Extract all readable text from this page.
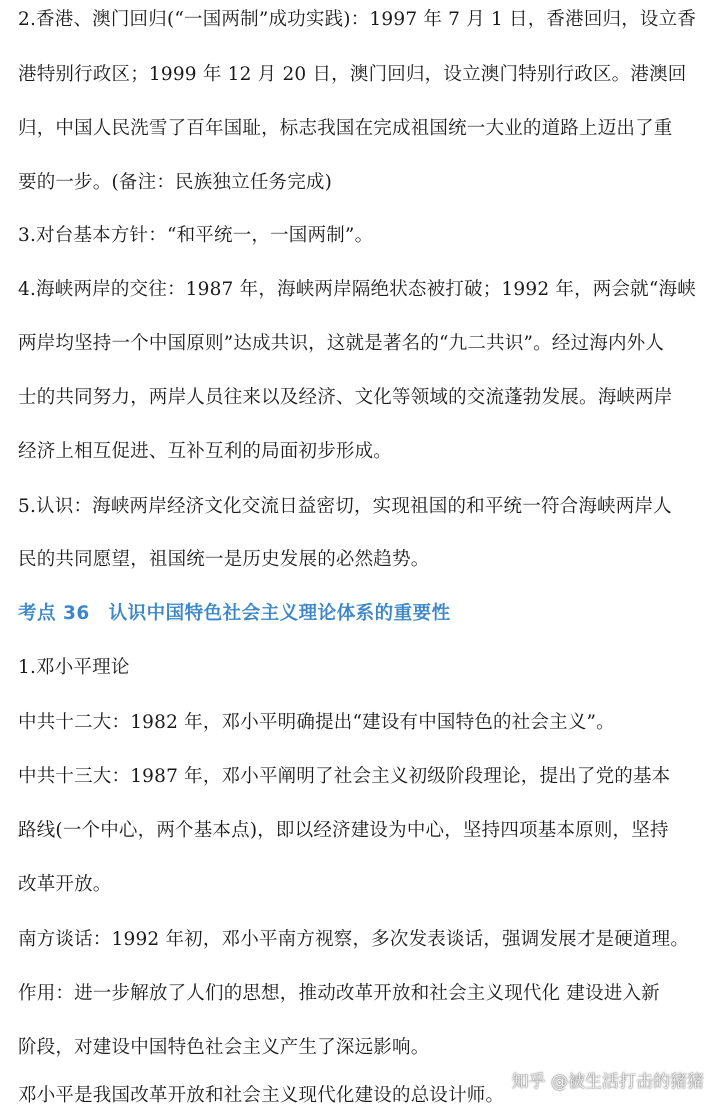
2.香港、澳门回归(“一国两制”成功实践)：1997 年 7 月 1 日，香港回归，设立香
港特别行政区；1999 年 12 月 20 日，澳门回归，设立澳门特别行政区。港澳回
归，中国人民洗雪了百年国耻，标志我国在完成祖国统一大业的道路上迈出了重
要的一步。(备注：民族独立任务完成)
3.对台基本方针：“和平统一，一国两制”。
4.海峡两岸的交往：1987 年，海峡两岸隔绝状态被打破；1992 年，两会就“海峡
两岸均坚持一个中国原则”达成共识，这就是著名的“九二共识”。经过海内外人
士的共同努力，两岸人员往来以及经济、文化等领域的交流蓬勃发展。海峡两岸
经济上相互促进、互补互利的局面初步形成。
5.认识：海峡两岸经济文化交流日益密切，实现祖国的和平统一符合海峡两岸人
民的共同愿望，祖国统一是历史发展的必然趋势。
考点 36　认识中国特色社会主义理论体系的重要性
1.邓小平理论
中共十二大：1982 年，邓小平明确提出“建设有中国特色的社会主义”。
中共十三大：1987 年，邓小平阐明了社会主义初级阶段理论，提出了党的基本
路线(一个中心，两个基本点)，即以经济建设为中心，坚持四项基本原则，坚持
改革开放。
南方谈话：1992 年初，邓小平南方视察，多次发表谈话，强调发展才是硬道理。
作用：进一步解放了人们的思想，推动改革开放和社会主义现代化 建设进入新
阶段，对建设中国特色社会主义产生了深远影响。
邓小平是我国改革开放和社会主义现代化建设的总设计师。
知乎 @被生活打击的猪猪
